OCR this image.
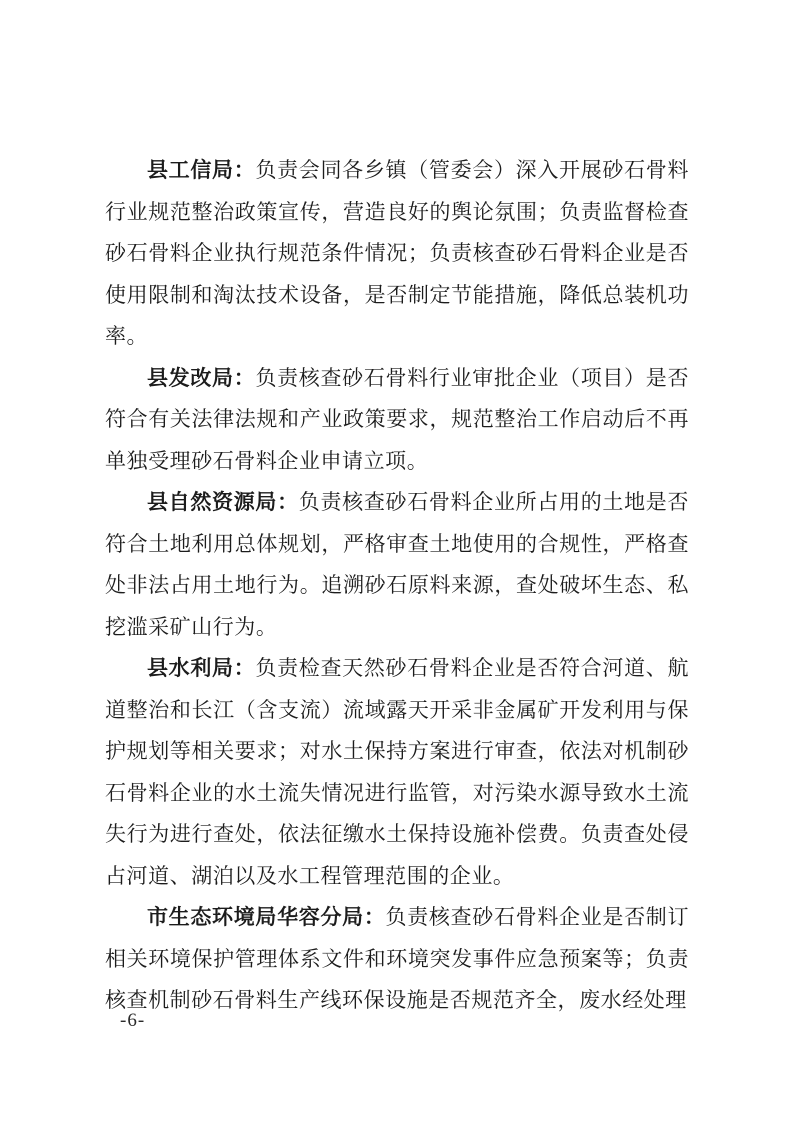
县工信局：负责会同各乡镇（管委会）深入开展砂石骨料行业规范整治政策宣传，营造良好的舆论氛围；负责监督检查砂石骨料企业执行规范条件情况；负责核查砂石骨料企业是否使用限制和淘汰技术设备，是否制定节能措施，降低总装机功率。

县发改局：负责核查砂石骨料行业审批企业（项目）是否符合有关法律法规和产业政策要求，规范整治工作启动后不再单独受理砂石骨料企业申请立项。

县自然资源局：负责核查砂石骨料企业所占用的土地是否符合土地利用总体规划，严格审查土地使用的合规性，严格查处非法占用土地行为。追溯砂石原料来源，查处破坏生态、私挖滥采矿山行为。

县水利局：负责检查天然砂石骨料企业是否符合河道、航道整治和长江（含支流）流域露天开采非金属矿开发利用与保护规划等相关要求；对水土保持方案进行审查，依法对机制砂石骨料企业的水土流失情况进行监管，对污染水源导致水土流失行为进行查处，依法征缴水土保持设施补偿费。负责查处侵占河道、湖泊以及水工程管理范围的企业。

市生态环境局华容分局：负责核查砂石骨料企业是否制订相关环境保护管理体系文件和环境突发事件应急预案等；负责核查机制砂石骨料生产线环保设施是否规范齐全，废水经处理

-6-
